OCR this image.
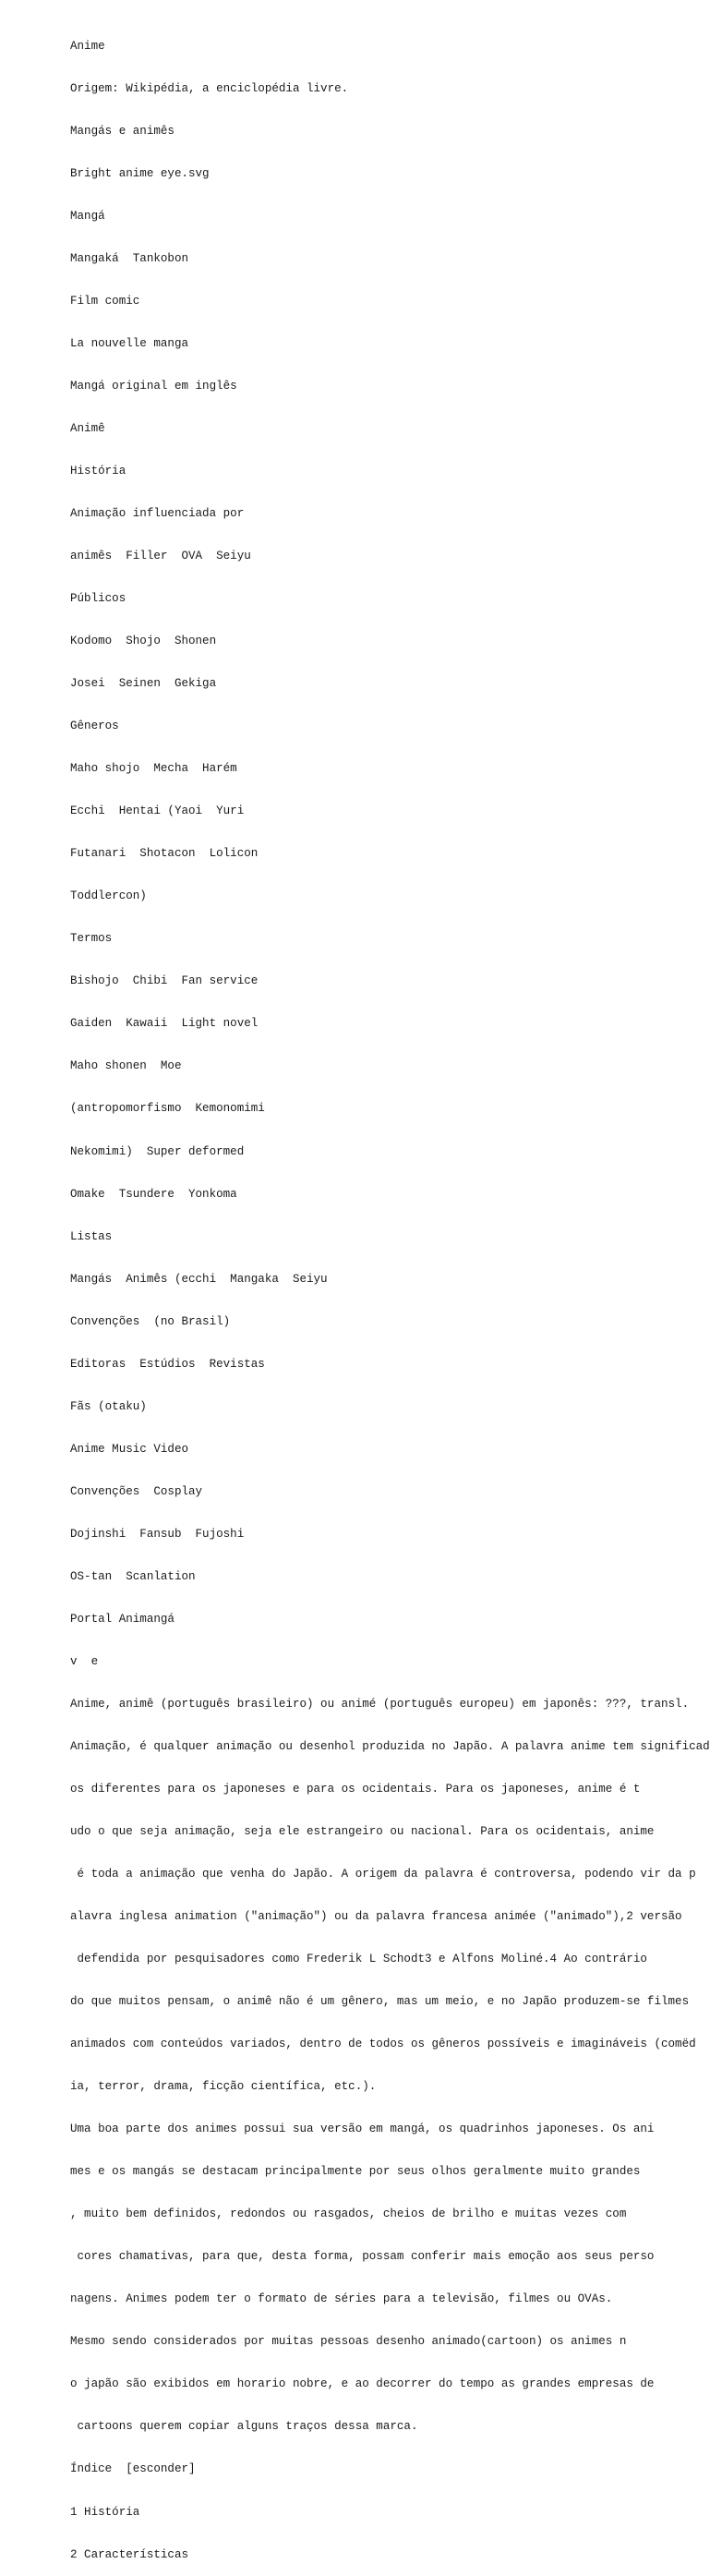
Anime

Origem: Wikipédia, a enciclopédia livre.

Mangás e animês

Bright anime eye.svg

Mangá

Mangaká  Tankobon

Film comic

La nouvelle manga

Mangá original em inglês

Animê

História

Animação influenciada por

animês  Filler  OVA  Seiyu

Públicos

Kodomo  Shojo  Shonen

Josei  Seinen  Gekiga

Gêneros

Maho shojo  Mecha  Harém

Ecchi  Hentai (Yaoi  Yuri

Futanari  Shotacon  Lolicon

Toddlercon)

Termos

Bishojo  Chibi  Fan service

Gaiden  Kawaii  Light novel

Maho shonen  Moe

(antropomorfismo  Kemonomimi

Nekomimi)  Super deformed

Omake  Tsundere  Yonkoma

Listas

Mangás  Animês (ecchi  Mangaka  Seiyu

Convenções  (no Brasil)

Editoras  Estúdios  Revistas

Fãs (otaku)

Anime Music Video

Convenções  Cosplay

Dojinshi  Fansub  Fujoshi

OS-tan  Scanlation

Portal Animangá

v  e

Anime, animê (português brasileiro) ou animé (português europeu) em japonês: ???, transl.

Animação, é qualquer animação ou desenhol produzida no Japão. A palavra anime tem significad

os diferentes para os japoneses e para os ocidentais. Para os japoneses, anime é t

udo o que seja animação, seja ele estrangeiro ou nacional. Para os ocidentais, anime

é toda a animação que venha do Japão. A origem da palavra é controversa, podendo vir da p

alavra inglesa animation ("animação") ou da palavra francesa animée ("animado"),2 versão

defendida por pesquisadores como Frederik L Schodt3 e Alfons Moliné.4 Ao contrário

do que muitos pensam, o animê não é um gênero, mas um meio, e no Japão produzem-se filmes

animados com conteúdos variados, dentro de todos os gêneros possíveis e imagináveis (comëd

ia, terror, drama, ficção científica, etc.).

Uma boa parte dos animes possui sua versão em mangá, os quadrinhos japoneses. Os ani

mes e os mangás se destacam principalmente por seus olhos geralmente muito grandes

, muito bem definidos, redondos ou rasgados, cheios de brilho e muitas vezes com

cores chamativas, para que, desta forma, possam conferir mais emoção aos seus perso

nagens. Animes podem ter o formato de séries para a televisão, filmes ou OVAs.

Mesmo sendo considerados por muitas pessoas desenho animado(cartoon) os animes n

o japão são exibidos em horario nobre, e ao decorrer do tempo as grandes empresas de

cartoons querem copiar alguns traços dessa marca.

Índice  [esconder]

1 História

2 Características
